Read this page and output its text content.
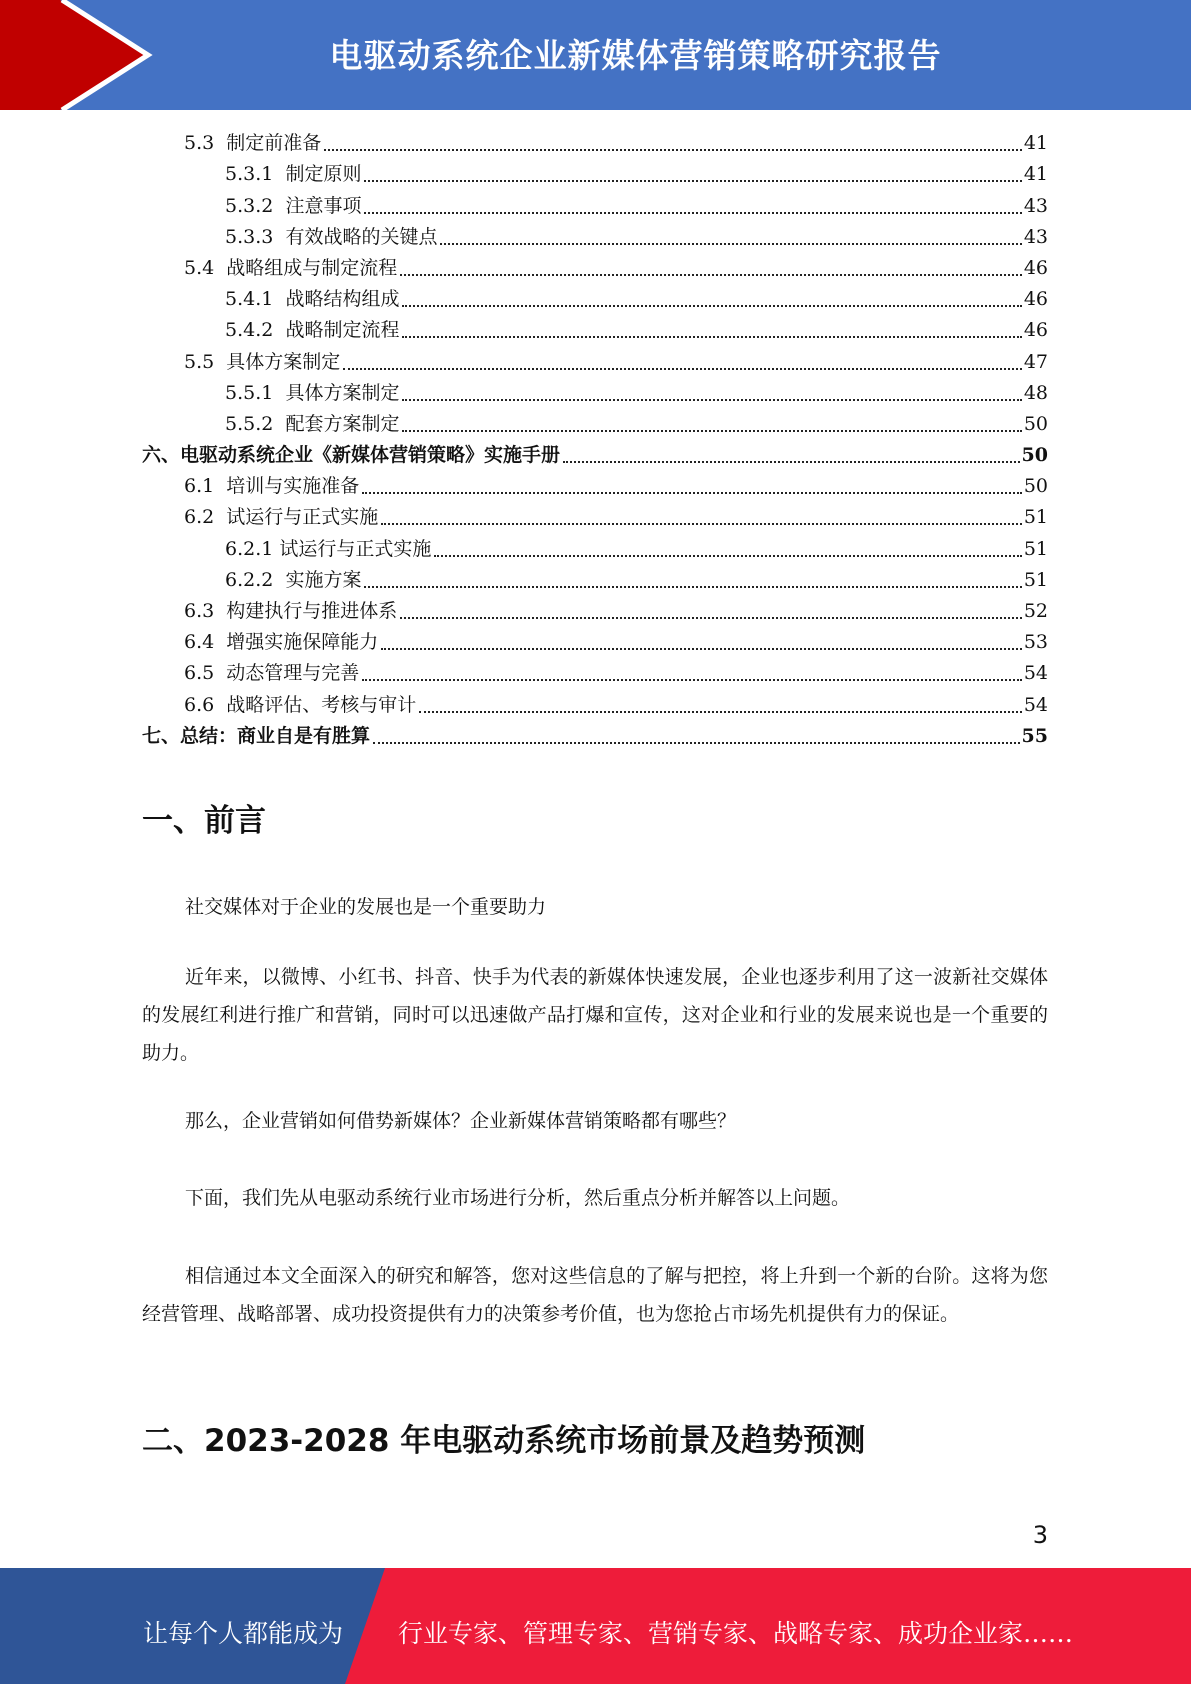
电驱动系统企业新媒体营销策略研究报告
5.3 制定前准备	41
5.3.1 制定原则	41
5.3.2 注意事项	43
5.3.3 有效战略的关键点	43
5.4 战略组成与制定流程	46
5.4.1 战略结构组成	46
5.4.2 战略制定流程	46
5.5 具体方案制定	47
5.5.1 具体方案制定	48
5.5.2 配套方案制定	50
六、电驱动系统企业《新媒体营销策略》实施手册	50
6.1 培训与实施准备	50
6.2 试运行与正式实施	51
6.2.1 试运行与正式实施	51
6.2.2 实施方案	51
6.3 构建执行与推进体系	52
6.4 增强实施保障能力	53
6.5 动态管理与完善	54
6.6 战略评估、考核与审计	54
七、总结：商业自是有胜算	55
一、前言

社交媒体对于企业的发展也是一个重要助力

近年来，以微博、小红书、抖音、快手为代表的新媒体快速发展，企业也逐步利用了这一波新社交媒体的发展红利进行推广和营销，同时可以迅速做产品打爆和宣传，这对企业和行业的发展来说也是一个重要的助力。

那么，企业营销如何借势新媒体？企业新媒体营销策略都有哪些？

下面，我们先从电驱动系统行业市场进行分析，然后重点分析并解答以上问题。

相信通过本文全面深入的研究和解答，您对这些信息的了解与把控，将上升到一个新的台阶。这将为您经营管理、战略部署、成功投资提供有力的决策参考价值，也为您抢占市场先机提供有力的保证。

二、2023-2028 年电驱动系统市场前景及趋势预测
3
让每个人都能成为 行业专家、管理专家、营销专家、战略专家、成功企业家……
